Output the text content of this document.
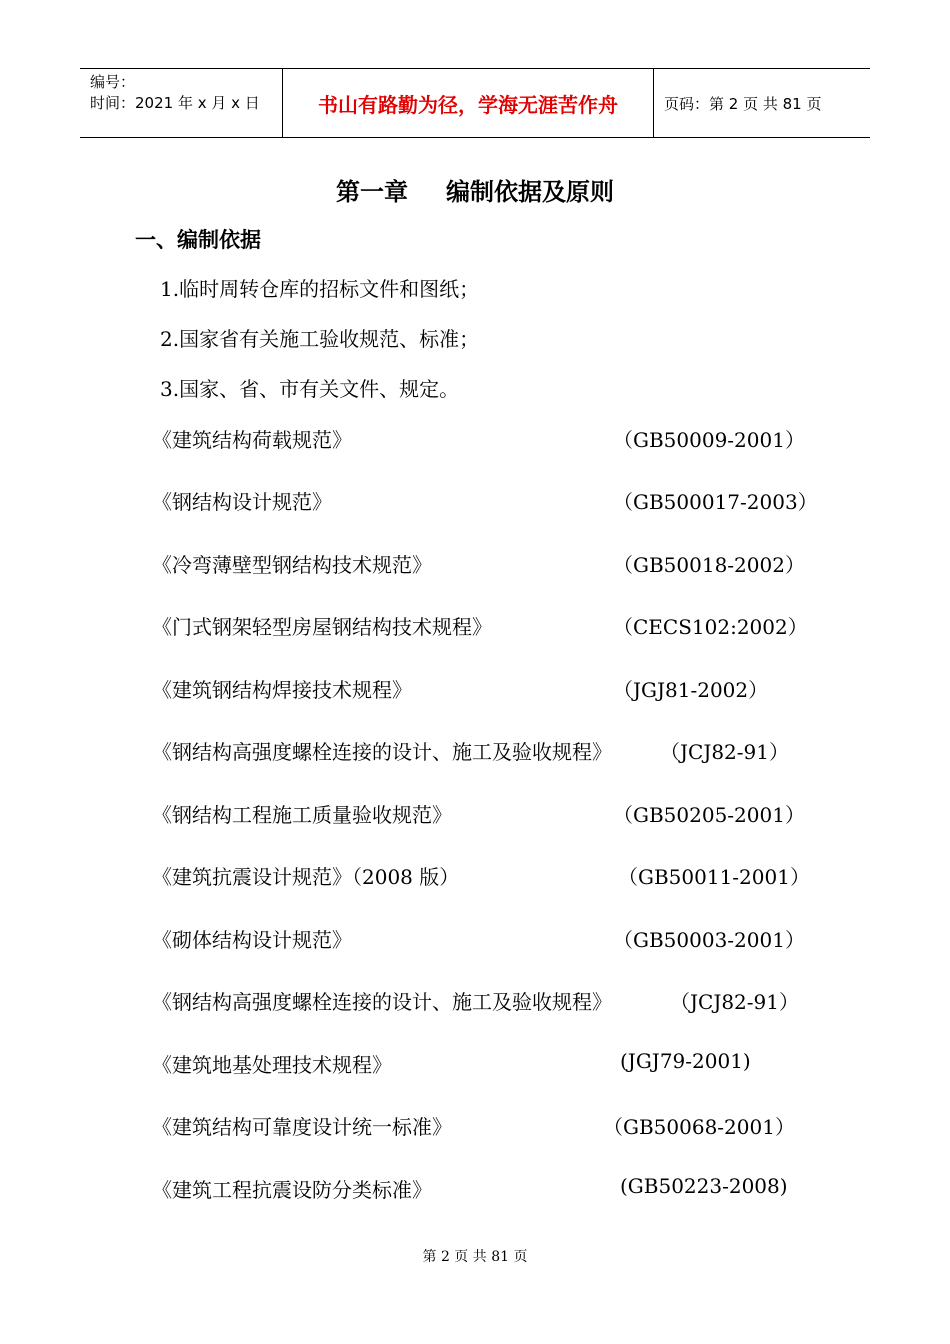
编号：
时间：2021 年 x 月 x 日	书山有路勤为径，学海无涯苦作舟	页码：第 2 页 共 81 页
第一章 编制依据及原则
一、编制依据
1.临时周转仓库的招标文件和图纸；
2.国家省有关施工验收规范、标准；
3.国家、省、市有关文件、规定。
《建筑结构荷载规范》	（GB50009-2001）
《钢结构设计规范》	（GB500017-2003）
《冷弯薄壁型钢结构技术规范》	（GB50018-2002）
《门式钢架轻型房屋钢结构技术规程》	（CECS102:2002）
《建筑钢结构焊接技术规程》	（JGJ81-2002）
《钢结构高强度螺栓连接的设计、施工及验收规程》 （JCJ82-91）
《钢结构工程施工质量验收规范》	（GB50205-2001）
《建筑抗震设计规范》（2008 版）	（GB50011-2001）
《砌体结构设计规范》	（GB50003-2001）
《钢结构高强度螺栓连接的设计、施工及验收规程》	（JCJ82-91）
《建筑地基处理技术规程》	(JGJ79-2001)
《建筑结构可靠度设计统一标准》	（GB50068-2001）
《建筑工程抗震设防分类标准》	(GB50223-2008)
第 2 页 共 81 页
